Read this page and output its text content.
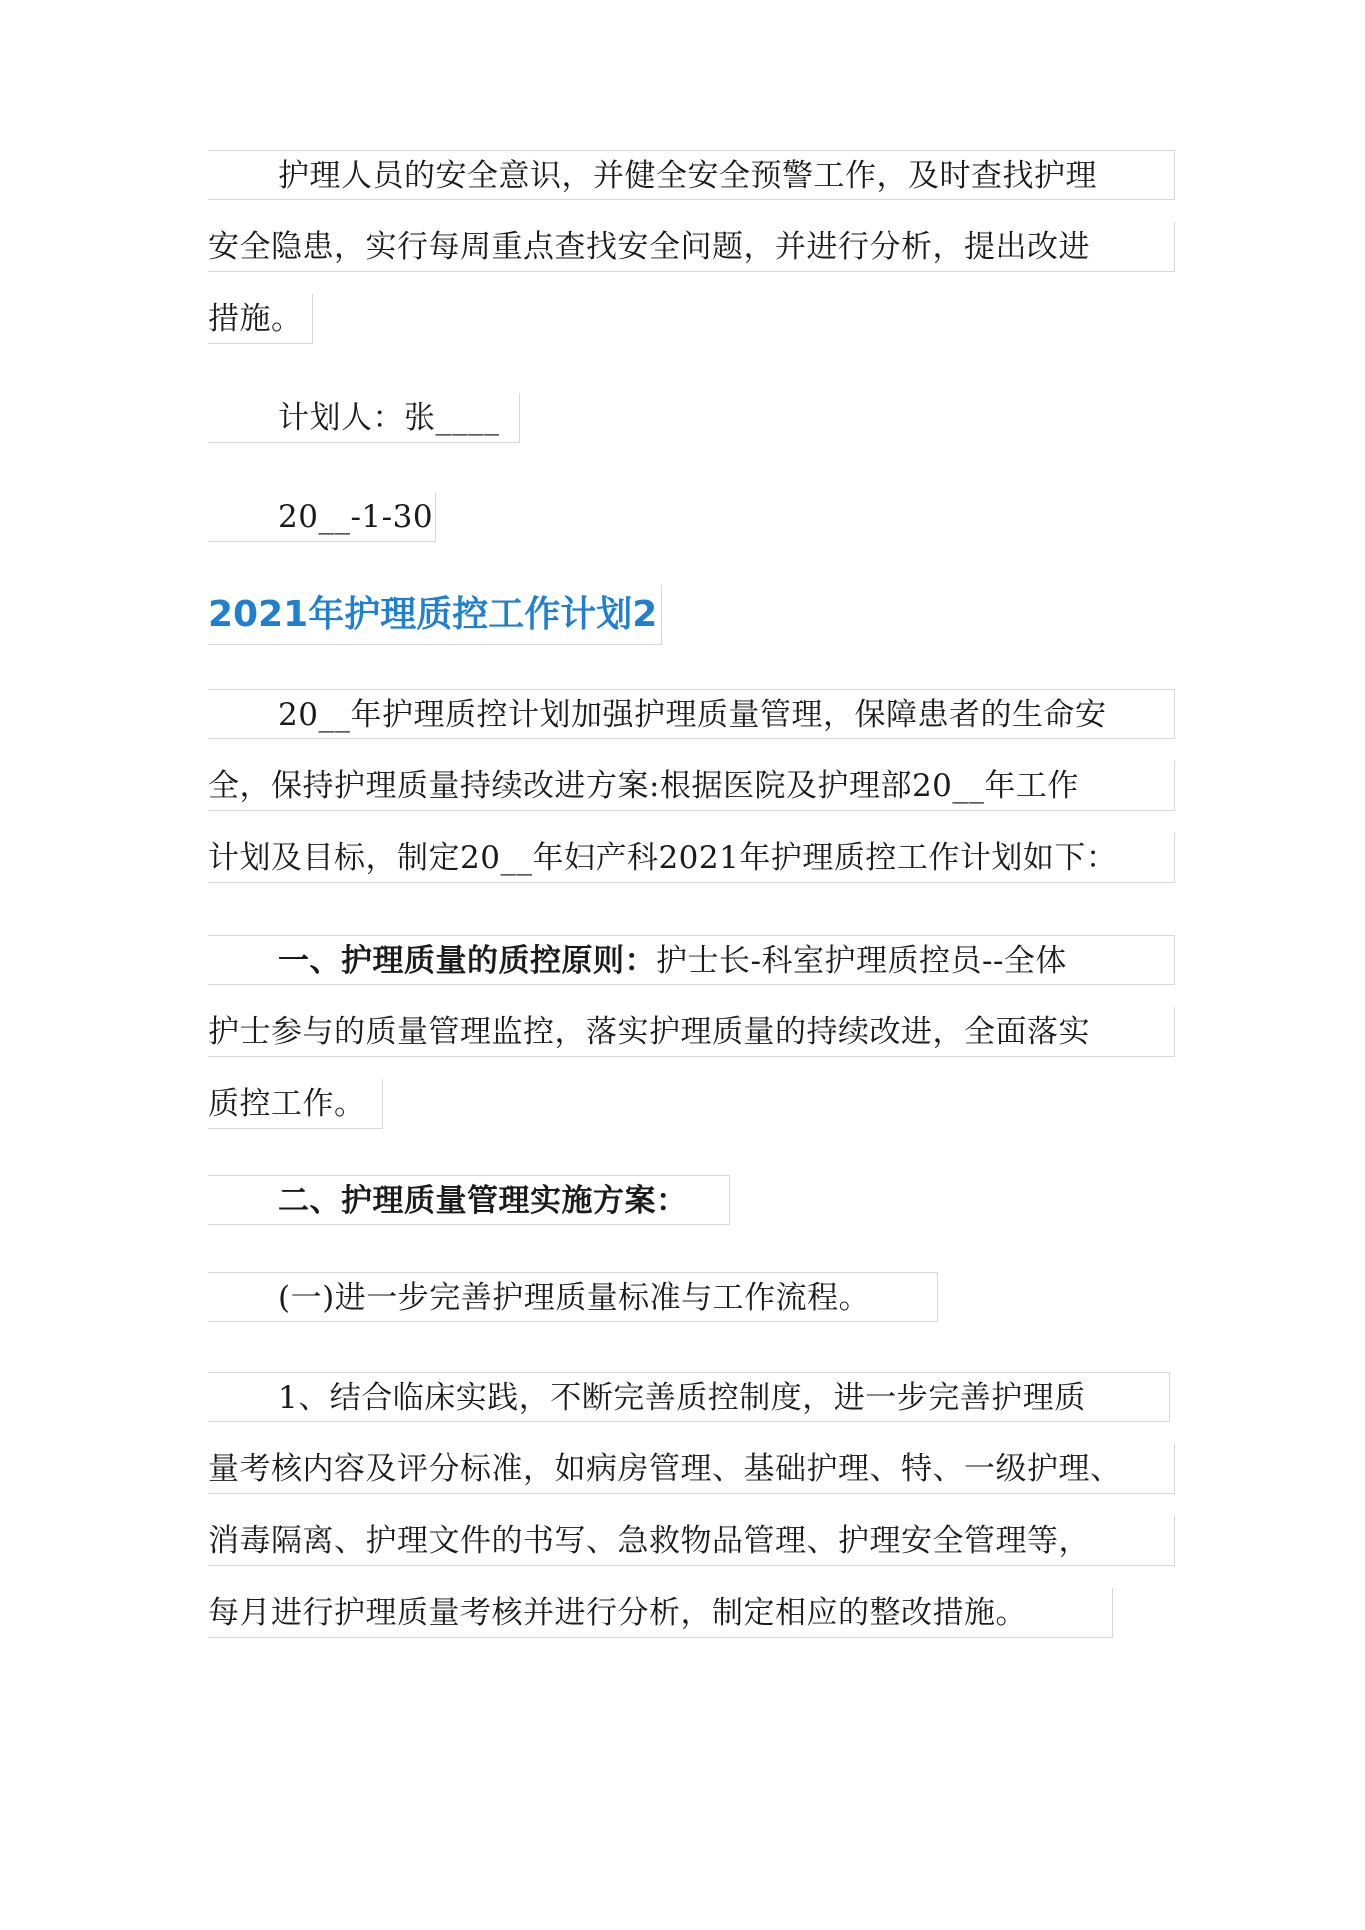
护理人员的安全意识，并健全安全预警工作，及时查找护理
安全隐患，实行每周重点查找安全问题，并进行分析，提出改进
措施。
计划人：张____
20__-1-30
2021年护理质控工作计划2
20__年护理质控计划加强护理质量管理，保障患者的生命安
全，保持护理质量持续改进方案:根据医院及护理部20__年工作
计划及目标，制定20__年妇产科2021年护理质控工作计划如下：
一、护理质量的质控原则：护士长-科室护理质控员--全体
护士参与的质量管理监控，落实护理质量的持续改进，全面落实
质控工作。
二、护理质量管理实施方案：
(一)进一步完善护理质量标准与工作流程。
1、结合临床实践，不断完善质控制度，进一步完善护理质
量考核内容及评分标准，如病房管理、基础护理、特、一级护理、
消毒隔离、护理文件的书写、急救物品管理、护理安全管理等，
每月进行护理质量考核并进行分析，制定相应的整改措施。
